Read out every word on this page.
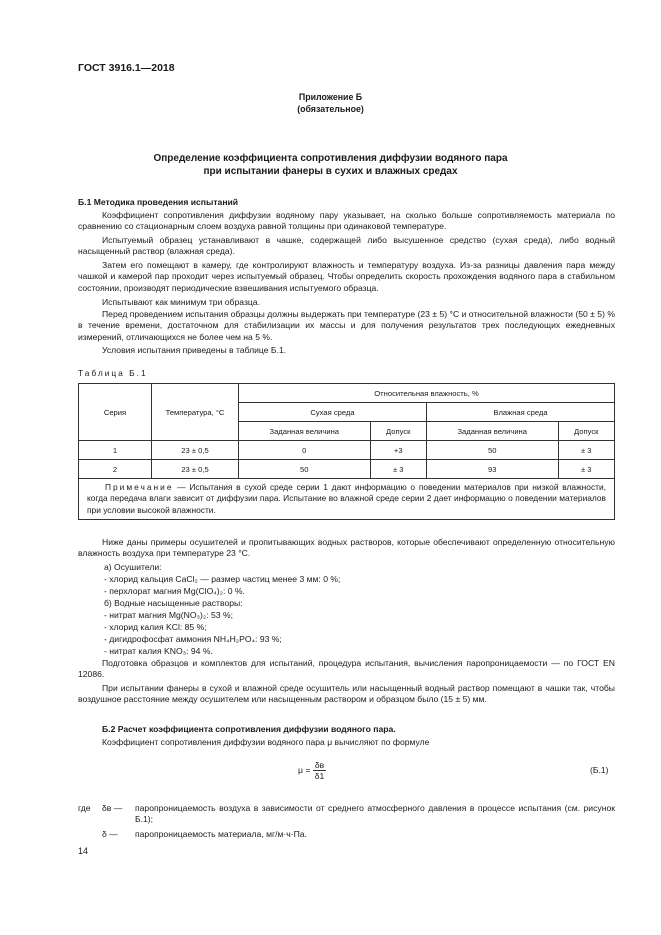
ГОСТ 3916.1—2018
Приложение Б
(обязательное)
Определение коэффициента сопротивления диффузии водяного пара
при испытании фанеры в сухих и влажных средах
Б.1 Методика проведения испытаний
Коэффициент сопротивления диффузии водяному пару указывает, на сколько больше сопротивляемость материала по сравнению со стационарным слоем воздуха равной толщины при одинаковой температуре.
Испытуемый образец устанавливают в чашке, содержащей либо высушенное средство (сухая среда), либо водный насыщенный раствор (влажная среда).
Затем его помещают в камеру, где контролируют влажность и температуру воздуха. Из-за разницы давления пара между чашкой и камерой пар проходит через испытуемый образец. Чтобы определить скорость прохождения водяного пара в стабильном состоянии, производят периодические взвешивания испытуемого образца.
Испытывают как минимум три образца.
Перед проведением испытания образцы должны выдержать при температуре (23 ± 5) °С и относительной влажности (50 ± 5) % в течение времени, достаточном для стабилизации их массы и для получения результатов трех последующих ежедневных измерений, отличающихся не более чем на 5 %.
Условия испытания приведены в таблице Б.1.
Таблица Б.1
Серия	Температура, °С	Относительная влажность, %			
		Сухая среда		Влажная среда	
		Заданная величина	Допуск	Заданная величина	Допуск
1	23 ± 0,5	0	+3	50	± 3
2	23 ± 0,5	50	± 3	93	± 3
Примечание — Испытания в сухой среде серии 1 дают информацию о поведении материалов при низкой влажности, когда передача влаги зависит от диффузии пара. Испытание во влажной среде серии 2 дает информацию о поведении материалов при условии высокой влажности.					
Ниже даны примеры осушителей и пропитывающих водных растворов, которые обеспечивают определенную относительную влажность воздуха при температуре 23 °С.
а) Осушители:
- хлорид кальция CaCl₂ — размер частиц менее 3 мм: 0 %;
- перхлорат магния Mg(ClO₄)₂: 0 %.
б) Водные насыщенные растворы:
- нитрат магния Mg(NO₃)₂: 53 %;
- хлорид калия KCl: 85 %;
- дигидрофосфат аммония NH₄H₂PO₄: 93 %;
- нитрат калия KNO₃: 94 %.
Подготовка образцов и комплектов для испытаний, процедура испытания, вычисления паропроницаемости — по ГОСТ EN 12086.
При испытании фанеры в сухой и влажной среде осушитель или насыщенный водный раствор помещают в чашки так, чтобы воздушное расстояние между осушителем или насыщенным раствором и образцом было (15 ± 5) мм.
Б.2 Расчет коэффициента сопротивления диффузии водяного пара.
Коэффициент сопротивления диффузии водяного пара μ вычисляют по формуле
$\mu = \frac{\delta в}{\delta 1}$	(Б.1)
где δв — паропроницаемость воздуха в зависимости от среднего атмосферного давления в процессе испытания (см. рисунок Б.1);
δ — паропроницаемость материала, мг/м·ч·Па.
14
